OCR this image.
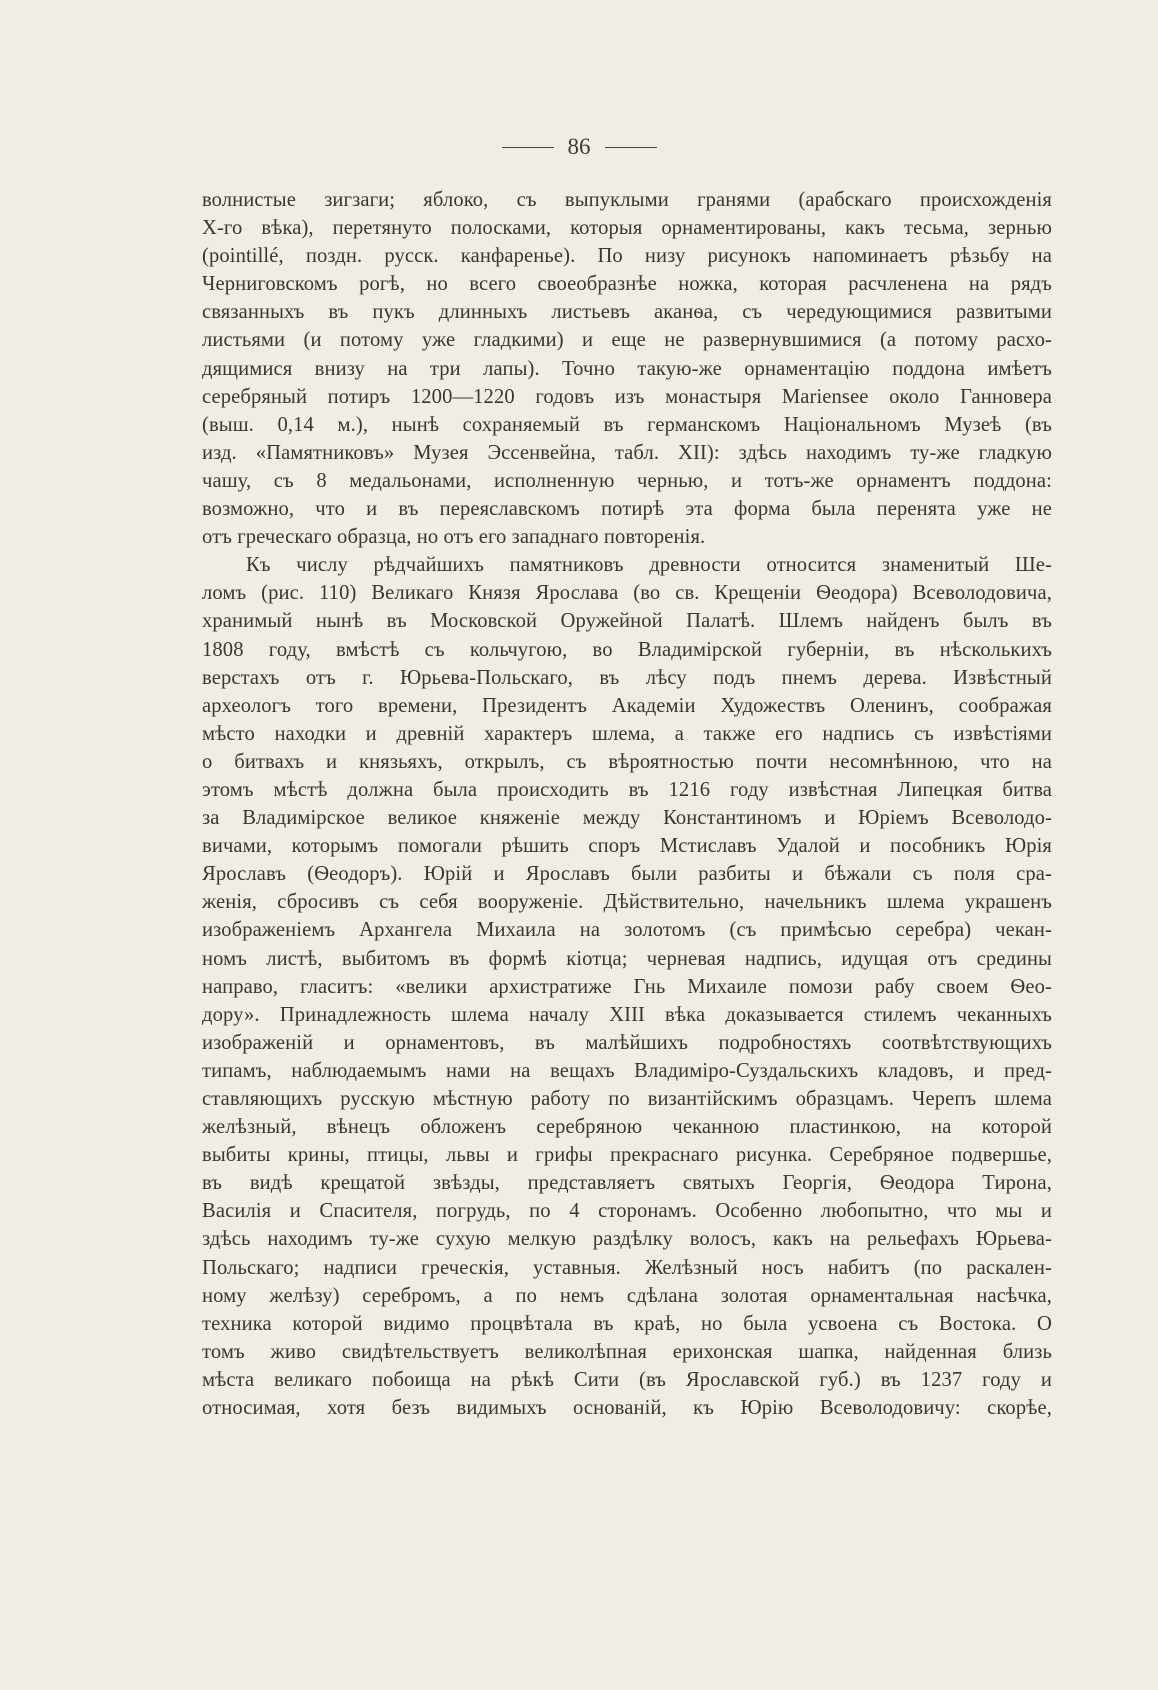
86
волнистые зигзаги; яблоко, съ выпуклыми гранями (арабскаго происхожденія
X-го вѣка), перетянуто полосками, которыя орнаментированы, какъ тесьма, зернью
(pointillé, поздн. русск. канфаренье). По низу рисунокъ напоминаетъ рѣзьбу на
Черниговскомъ рогѣ, но всего своеобразнѣе ножка, которая расчленена на рядъ
связанныхъ въ пукъ длинныхъ листьевъ аканѳа, съ чередующимися развитыми
листьями (и потому уже гладкими) и еще не развернувшимися (а потому расхо-
дящимися внизу на три лапы). Точно такую-же орнаментацію поддона имѣетъ
серебряный потиръ 1200—1220 годовъ изъ монастыря Mariensee около Ганновера
(выш. 0,14 м.), нынѣ сохраняемый въ германскомъ Національномъ Музеѣ (въ
изд. «Памятниковъ» Музея Эссенвейна, табл. XII): здѣсь находимъ ту-же гладкую
чашу, съ 8 медальонами, исполненную чернью, и тотъ-же орнаментъ поддона:
возможно, что и въ переяславскомъ потирѣ эта форма была перенята уже не
отъ греческаго образца, но отъ его западнаго повторенія.
Къ числу рѣдчайшихъ памятниковъ древности относится знаменитый Ше-
ломъ (рис. 110) Великаго Князя Ярослава (во св. Крещеніи Ѳеодора) Всеволодовича,
хранимый нынѣ въ Московской Оружейной Палатѣ. Шлемъ найденъ былъ въ
1808 году, вмѣстѣ съ кольчугою, во Владимірской губерніи, въ нѣсколькихъ
верстахъ отъ г. Юрьева-Польскаго, въ лѣсу подъ пнемъ дерева. Извѣстный
археологъ того времени, Президентъ Академіи Художествъ Оленинъ, соображая
мѣсто находки и древній характеръ шлема, а также его надпись съ извѣстіями
о битвахъ и князьяхъ, открылъ, съ вѣроятностью почти несомнѣнною, что на
этомъ мѣстѣ должна была происходить въ 1216 году извѣстная Липецкая битва
за Владимірское великое княженіе между Константиномъ и Юріемъ Всеволодо-
вичами, которымъ помогали рѣшить споръ Мстиславъ Удалой и пособникъ Юрія
Ярославъ (Ѳеодоръ). Юрій и Ярославъ были разбиты и бѣжали съ поля сра-
женія, сбросивъ съ себя вооруженіе. Дѣйствительно, начельникъ шлема украшенъ
изображеніемъ Архангела Михаила на золотомъ (съ примѣсью серебра) чекан-
номъ листѣ, выбитомъ въ формѣ кіотца; черневая надпись, идущая отъ средины
направо, гласитъ: «велики архистратиже Гнь Михаиле помози рабу своем Ѳео-
дору». Принадлежность шлема началу XIII вѣка доказывается стилемъ чеканныхъ
изображеній и орнаментовъ, въ малѣйшихъ подробностяхъ соотвѣтствующихъ
типамъ, наблюдаемымъ нами на вещахъ Владиміро-Суздальскихъ кладовъ, и пред-
ставляющихъ русскую мѣстную работу по византійскимъ образцамъ. Черепъ шлема
желѣзный, вѣнецъ обложенъ серебряною чеканною пластинкою, на которой
выбиты крины, птицы, львы и грифы прекраснаго рисунка. Серебряное подвершье,
въ видѣ крещатой звѣзды, представляетъ святыхъ Георгія, Ѳеодора Тирона,
Василія и Спасителя, погрудь, по 4 сторонамъ. Особенно любопытно, что мы и
здѣсь находимъ ту-же сухую мелкую раздѣлку волосъ, какъ на рельефахъ Юрьева-
Польскаго; надписи греческія, уставныя. Желѣзный носъ набитъ (по раскален-
ному желѣзу) серебромъ, а по немъ сдѣлана золотая орнаментальная насѣчка,
техника которой видимо процвѣтала въ краѣ, но была усвоена съ Востока. О
томъ живо свидѣтельствуетъ великолѣпная ерихонская шапка, найденная близь
мѣста великаго побоища на рѣкѣ Сити (въ Ярославской губ.) въ 1237 году и
относимая, хотя безъ видимыхъ основаній, къ Юрію Всеволодовичу: скорѣе,
